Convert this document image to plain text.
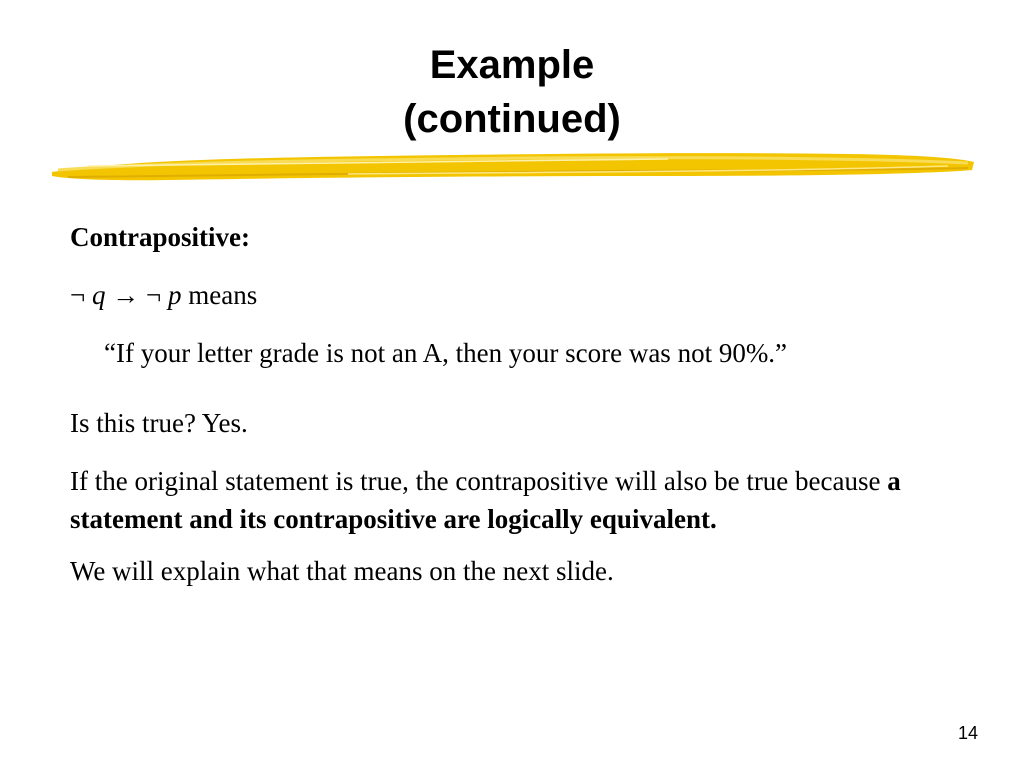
Example
(continued)

Contrapositive:

¬ q → ¬ p means

“If your letter grade is not an A, then your score was not 90%.”

Is this true? Yes.

If the original statement is true, the contrapositive will also be true because a statement and its contrapositive are logically equivalent.

We will explain what that means on the next slide.

14
